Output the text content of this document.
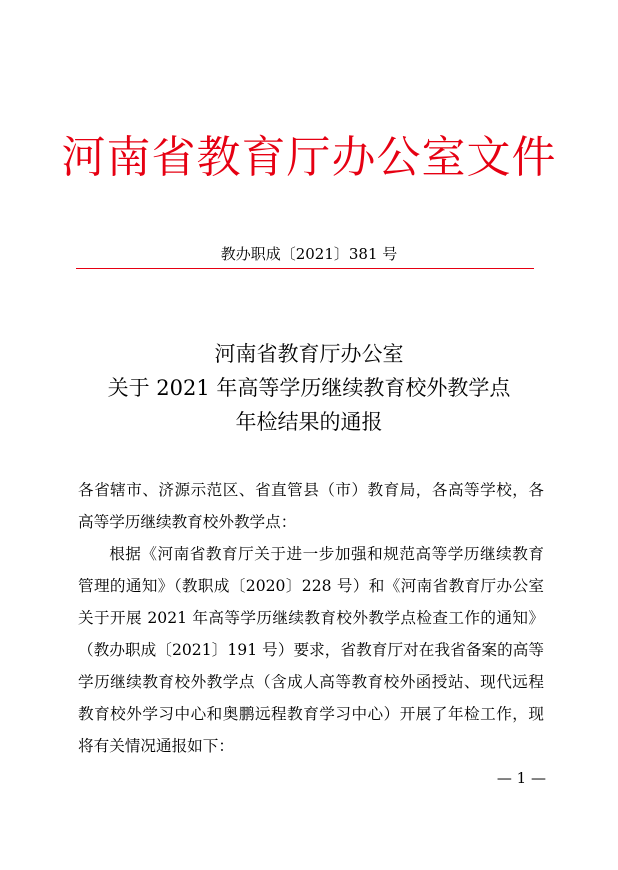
河南省教育厅办公室文件
教办职成〔2021〕381 号
河南省教育厅办公室
关于 2021 年高等学历继续教育校外教学点
年检结果的通报

各省辖市、济源示范区、省直管县（市）教育局，各高等学校，各高等学历继续教育校外教学点：

根据《河南省教育厅关于进一步加强和规范高等学历继续教育管理的通知》（教职成〔2020〕228 号）和《河南省教育厅办公室关于开展 2021 年高等学历继续教育校外教学点检查工作的通知》（教办职成〔2021〕191 号）要求，省教育厅对在我省备案的高等学历继续教育校外教学点（含成人高等教育校外函授站、现代远程教育校外学习中心和奥鹏远程教育学习中心）开展了年检工作，现将有关情况通报如下：

— 1 —
